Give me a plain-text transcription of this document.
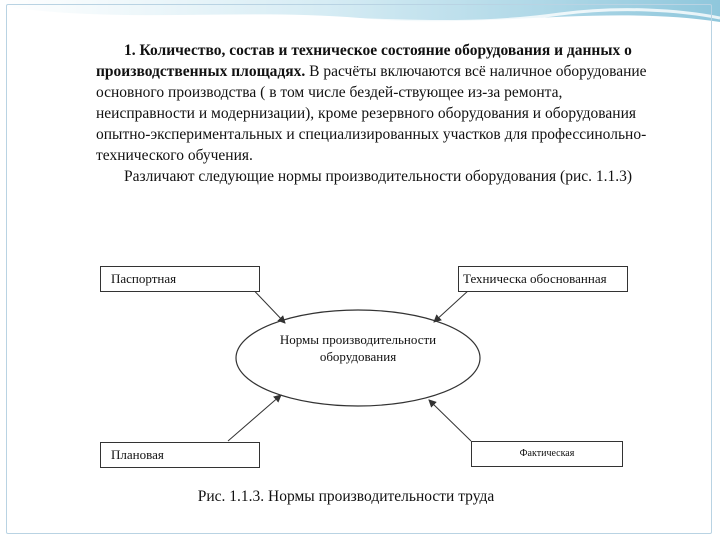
1. Количество, состав и техническое состояние оборудования и данных о производственных площадях. В расчёты включаются всё наличное оборудование основного производства ( в том числе бездей-ствующее из-за ремонта, неисправности и модернизации), кроме резервного оборудования и оборудования опытно-экспериментальных и специализированных участков для профессинольно-технического обучения.

Различают следующие нормы производительности оборудования (рис. 1.1.3)

Паспортная	Техническа обоснованная
Плановая	Фактическая
Нормы производительности оборудования
Рис. 1.1.3. Нормы производительности труда
